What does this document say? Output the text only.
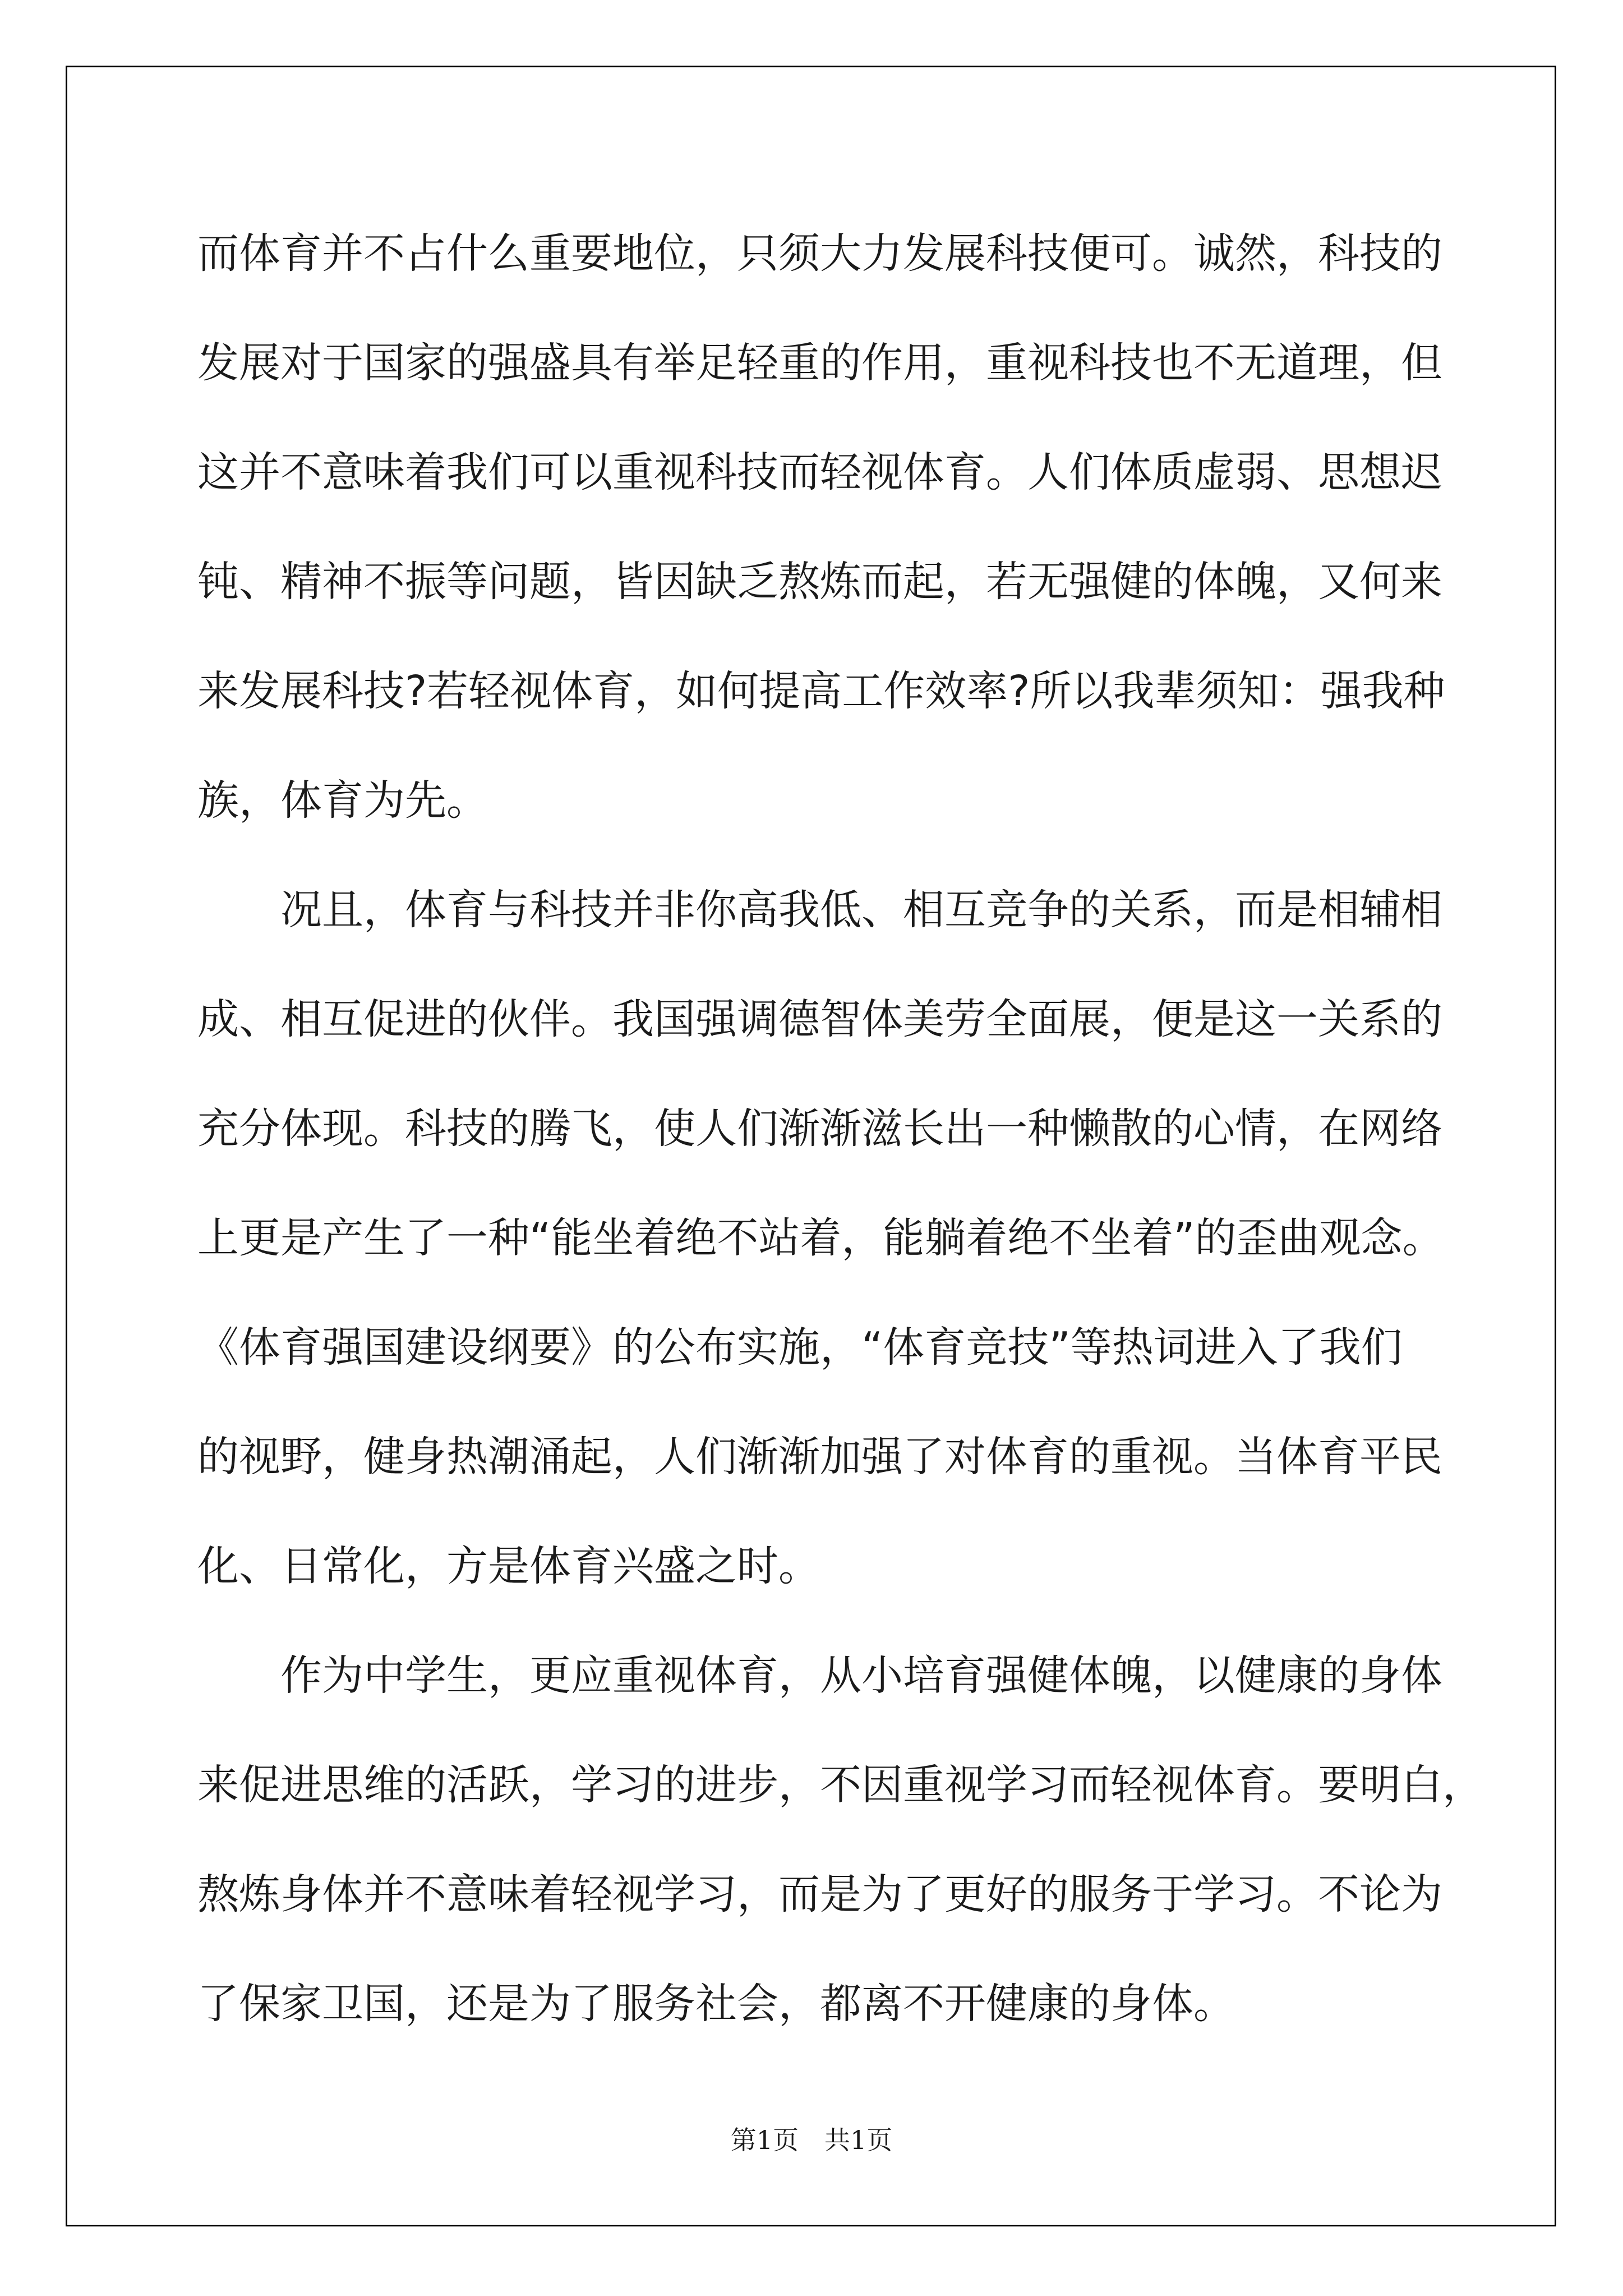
而体育并不占什么重要地位，只须大力发展科技便可。诚然，科技的
发展对于国家的强盛具有举足轻重的作用，重视科技也不无道理，但
这并不意味着我们可以重视科技而轻视体育。人们体质虚弱、思想迟
钝、精神不振等问题，皆因缺乏熬炼而起，若无强健的体魄，又何来
来发展科技?若轻视体育，如何提高工作效率?所以我辈须知：强我种
族，体育为先。
　　况且，体育与科技并非你高我低、相互竞争的关系，而是相辅相
成、相互促进的伙伴。我国强调德智体美劳全面展，便是这一关系的
充分体现。科技的腾飞，使人们渐渐滋长出一种懒散的心情，在网络
上更是产生了一种“能坐着绝不站着，能躺着绝不坐着”的歪曲观念。
《体育强国建设纲要》的公布实施，“体育竞技”等热词进入了我们
的视野，健身热潮涌起，人们渐渐加强了对体育的重视。当体育平民
化、日常化，方是体育兴盛之时。
　　作为中学生，更应重视体育，从小培育强健体魄，以健康的身体
来促进思维的活跃，学习的进步，不因重视学习而轻视体育。要明白，
熬炼身体并不意味着轻视学习，而是为了更好的服务于学习。不论为
了保家卫国，还是为了服务社会，都离不开健康的身体。
第1页　共1页
